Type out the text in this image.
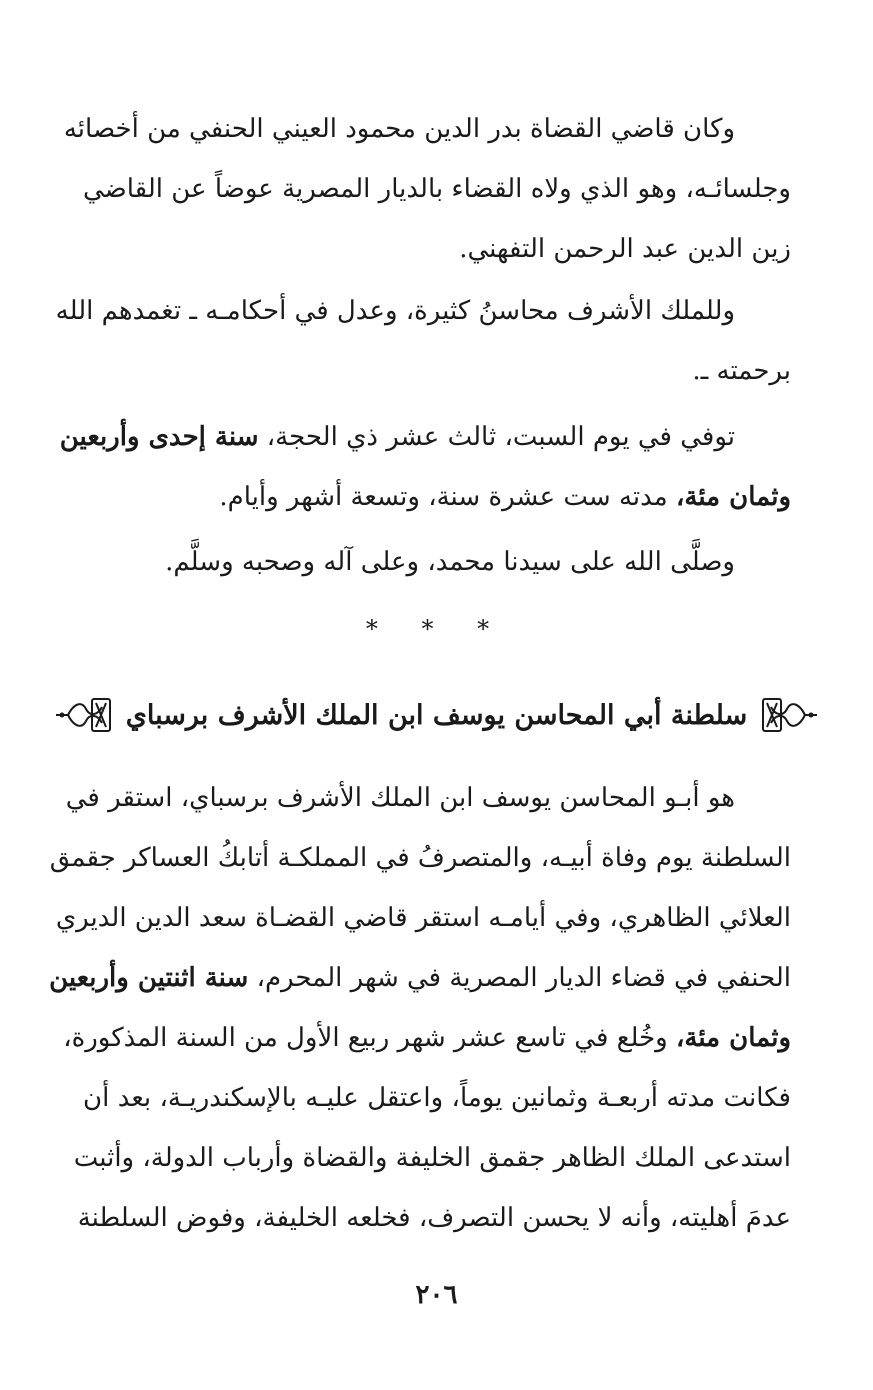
وكان قاضي القضاة بدر الدين محمود العيني الحنفي من أخصائه
وجلسائـه، وهو الذي ولاه القضاء بالديار المصرية عوضاً عن القاضي
زين الدين عبد الرحمن التفهني.
وللملك الأشرف محاسنُ كثيرة، وعدل في أحكامـه ـ تغمدهم الله
برحمته ـ.
توفي في يوم السبت، ثالث عشر ذي الحجة، سنة إحدى وأربعين
وثمان مئة، مدته ست عشرة سنة، وتسعة أشهر وأيام.
وصلَّى الله على سيدنا محمد، وعلى آله وصحبه وسلَّم.
* * *
سلطنة أبي المحاسن يوسف ابن الملك الأشرف برسباي
هو أبـو المحاسن يوسف ابن الملك الأشرف برسباي، استقر في
السلطنة يوم وفاة أبيـه، والمتصرفُ في المملكـة أتابكُ العساكر جقمق
العلائي الظاهري، وفي أيامـه استقر قاضي القضـاة سعد الدين الديري
الحنفي في قضاء الديار المصرية في شهر المحرم، سنة اثنتين وأربعين
وثمان مئة، وخُلع في تاسع عشر شهر ربيع الأول من السنة المذكورة،
فكانت مدته أربعـة وثمانين يوماً، واعتقل عليـه بالإسكندريـة، بعد أن
استدعى الملك الظاهر جقمق الخليفة والقضاة وأرباب الدولة، وأثبت
عدمَ أهليته، وأنه لا يحسن التصرف، فخلعه الخليفة، وفوض السلطنة
٢٠٦
